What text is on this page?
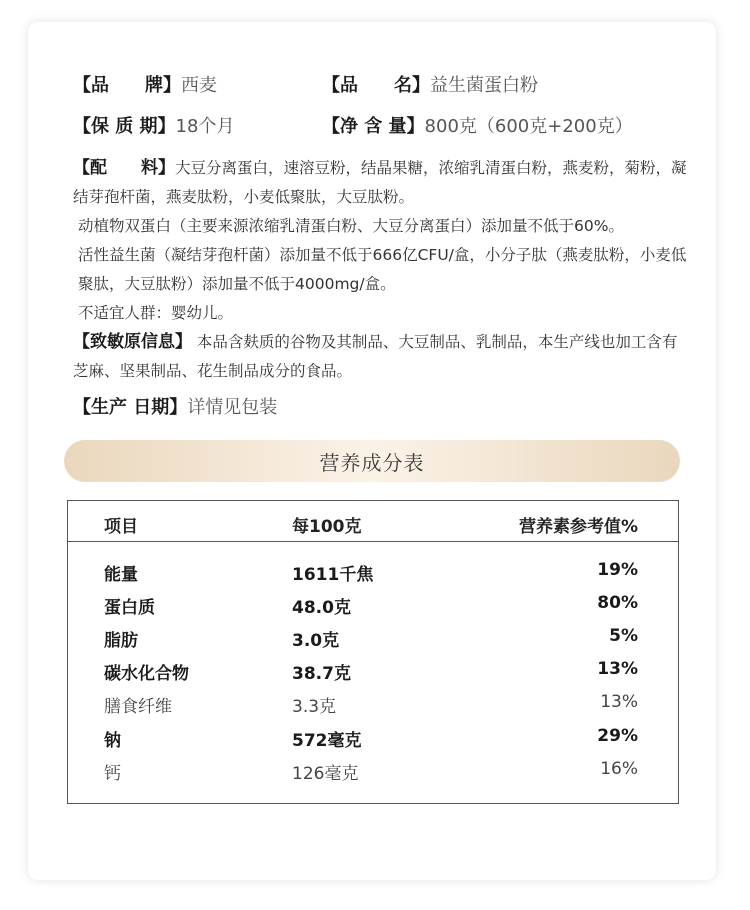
【品　　牌】西麦	【品　　名】益生菌蛋白粉
【保 质 期】18个月	【净 含 量】800克（600克+200克）
【配　　料】大豆分离蛋白，速溶豆粉，结晶果糖，浓缩乳清蛋白粉，燕麦粉，菊粉，凝结芽孢杆菌，燕麦肽粉，小麦低聚肽，大豆肽粉。
动植物双蛋白（主要来源浓缩乳清蛋白粉、大豆分离蛋白）添加量不低于60%。
活性益生菌（凝结芽孢杆菌）添加量不低于666亿CFU/盒，小分子肽（燕麦肽粉，小麦低聚肽，大豆肽粉）添加量不低于4000mg/盒。
不适宜人群：婴幼儿。
【致敏原信息】 本品含麸质的谷物及其制品、大豆制品、乳制品，本生产线也加工含有芝麻、坚果制品、花生制品成分的食品。
【生产 日期】详情见包装
营养成分表
项目	每100克	营养素参考值%
能量	1611千焦	19%
蛋白质	48.0克	80%
脂肪	3.0克	5%
碳水化合物	38.7克	13%
膳食纤维	3.3克	13%
钠	572毫克	29%
钙	126毫克	16%
